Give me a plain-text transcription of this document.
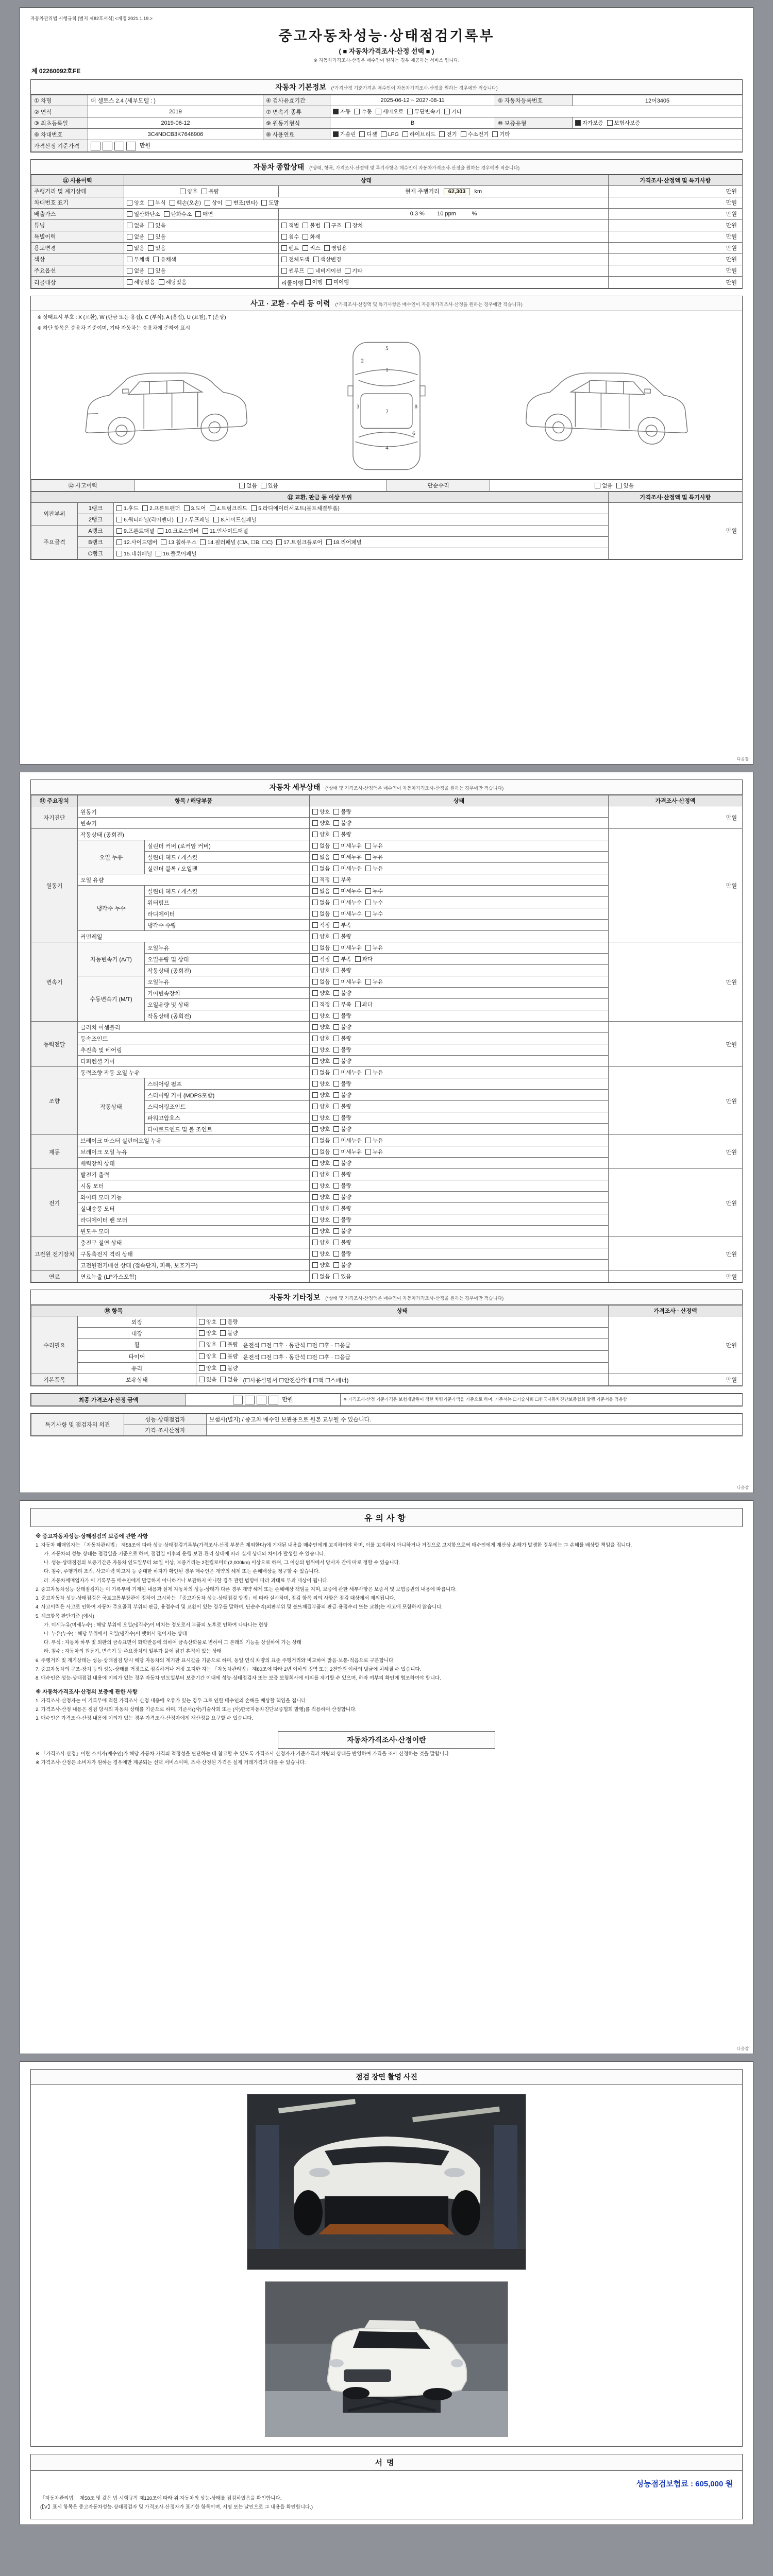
자동차관리법 시행규칙 [별지 제82호서식] <개정 2021.1.19.>
중고자동차성능·상태점검기록부
( ■ 자동차가격조사·산정 선택 ■ )
※ 자동차가격조사·산정은 매수인이 원하는 경우 제공하는 서비스 입니다.
제 02260092호FE
자동차 기본정보 (*가격산정 기준가격은 매수인이 자동차가격조사·산정을 원하는 경우에만 적습니다)
① 차명	더 셀토스 2.4 (세부모델 : )	④ 검사유효기간	2025-06-12 ~ 2027-08-11	⑤ 자동차등록번호	12어3405
② 연식	2019	⑦ 변속기 종류	자동 수동 세미오토 무단변속기 기타		

③ 최초등록일	2019-06-12	⑨ 원동기형식	B	⑩ 보증유형	자가보증 보험사보증

⑥ 차대번호	3C4NDCB3K7646906	⑧ 사용연료	가솔린 디젤 LPG 하이브리드 전기 수소전기 기타

가격산정 기준가격	만원				
자동차 종합상태 (*상태, 항목, 가격조사·산정액 및 특기사항은 매수인이 자동차가격조사·산정을 원하는 경우에만 적습니다)
⑪ 사용이력	상태		가격조사·산정액 및 특기사항
주행거리 및 계기상태	양호 불량	현재 주행거리 62,303 km	만원
차대번호 표기	양호 부식 훼손(오손) 상이 변조(변타) 도말	만원
배출가스	일산화탄소 탄화수소 매연	0.3 %        10 ppm          %	만원
튜닝	없음 있음	적법 불법 구조 장치	만원
특별이력	없음 있음	침수 화재	만원
용도변경	없음 있음	렌트 리스 영업용	만원
색상	무채색 유채색	전체도색 색상변경	만원
주요옵션	없음 있음	썬루프 네비게이션 기타	만원
리콜대상	해당없음 해당있음	리콜이행 이행 미이행	만원
사고 · 교환 · 수리 등 이력 (*가격조사·산정액 및 특기사항은 매수인이 자동차가격조사·산정을 원하는 경우에만 적습니다)
※ 상태표시 부호 : X (교환), W (판금 또는 용접), C (부식), A (흠집), U (요철), T (손상)
※ 하단 항목은 승용차 기준이며, 기타 자동차는 승용차에 준하여 표시
5
1
2
3
7
8
6
4
⑫ 사고이력	없음 있음	단순수리	없음 있음
⑬ 교환, 판금 등 이상 부위			가격조사·산정액 및 특기사항
외판부위	1랭크	1.후드 2.프론트펜더 3.도어 4.트렁크리드 5.라디에이터서포트(볼트체결부품)	만원
	2랭크	6.쿼터패널(리어펜더) 7.루프패널 8.사이드실패널	

주요골격	A랭크	9.프론트패널 10.크로스멤버 11.인사이드패널	

	B랭크	12.사이드멤버 13.휠하우스 14.필러패널 (☐A, ☐B, ☐C) 17.트렁크플로어 18.리어패널	

	C랭크	15.대쉬패널 16.플로어패널	
다음장
자동차 세부상태 (*상태 및 가격조사·산정액은 매수인이 자동차가격조사·산정을 원하는 경우에만 적습니다)
⑭ 주요장치	항목 / 해당부품		상태	가격조사·산정액
자기진단	원동기		양호 불량	만원
	변속기		양호 불량	

원동기	작동상태 (공회전)		양호 불량	만원
	오일 누유	실린더 커버 (로커암 커버)	없음 미세누유 누유	

		실린더 헤드 / 개스킷	없음 미세누유 누유	

		실린더 블록 / 오일팬	없음 미세누유 누유	

	오일 유량		적정 부족	

	냉각수 누수	실린더 헤드 / 개스킷	없음 미세누수 누수	

		워터펌프	없음 미세누수 누수	

		라디에이터	없음 미세누수 누수	

		냉각수 수량	적정 부족	

	커먼레일		양호 불량	

변속기	자동변속기 (A/T)	오일누유	없음 미세누유 누유	만원
		오일유량 및 상태	적정 부족 과다	

		작동상태 (공회전)	양호 불량	

	수동변속기 (M/T)	오일누유	없음 미세누유 누유	

		기어변속장치	양호 불량	

		오일유량 및 상태	적정 부족 과다	

		작동상태 (공회전)	양호 불량	

동력전달	클러치 어셈블리		양호 불량	만원
	등속조인트		양호 불량	

	추진축 및 베어링		양호 불량	

	디퍼렌셜 기어		양호 불량	

조향	동력조향 작동 오일 누유		없음 미세누유 누유	만원
	작동상태	스티어링 펌프	양호 불량	

		스티어링 기어 (MDPS포함)	양호 불량	

		스티어링조인트	양호 불량	

		파워고압호스	양호 불량	

		타이로드엔드 및 볼 조인트	양호 불량	

제동	브레이크 마스터 실린더오일 누유		없음 미세누유 누유	만원
	브레이크 오일 누유		없음 미세누유 누유	

	배력장치 상태		양호 불량	

전기	발전기 출력		양호 불량	만원
	시동 모터		양호 불량	

	와이퍼 모터 기능		양호 불량	

	실내송풍 모터		양호 불량	

	라디에이터 팬 모터		양호 불량	

	윈도우 모터		양호 불량	

고전원 전기장치	충전구 절연 상태		양호 불량	만원
	구동축전지 격리 상태		양호 불량	

	고전원전기배선 상태 (접속단자, 피복, 보호기구)		양호 불량	

연료	연료누출 (LP가스포함)		없음 있음	만원
자동차 기타정보 (*상태 및 가격조사·산정액은 매수인이 자동차가격조사·산정을 원하는 경우에만 적습니다)
⑮ 항목		상태	가격조사 · 산정액
수리필요	외장	양호 불량	만원
	내장	양호 불량	

	휠	양호 불량 운전석 ☐전 ☐후 · 동반석 ☐전 ☐후 · ☐응급	
	타이어	양호 불량 운전석 ☐전 ☐후 · 동반석 ☐전 ☐후 · ☐응급	
	유리	양호 불량	

기본품목	보유상태	있음 없음 (☐사용설명서 ☐안전삼각대 ☐잭 ☐스패너)	만원
최종 가격조사·산정 금액	만원	※ 가격조사·산정 기준가격은 보험개발원이 정한 차량기준가액을 기준으로 하며, 기준서는 ☐기술사회 ☐한국자동차진단보증협회 발행 기준서를 적용함
특기사항 및 점검자의 의견	성능·상태점검자	보험사(별지) / 중고차 매수인 보관용으로 원본 교부될 수 있습니다.
	가격·조사산정자	
다음장
유의사항
※ 중고자동차성능·상태점검의 보증에 관한 사항
1. 자동차 매매업자는 「자동차관리법」 제58조에 따라 성능·상태점검기록부(가격조사·산정 부분은 제외한다)에 기재된 내용을 매수인에게 고지하여야 하며, 이를 고지하지 아니하거나 거짓으로 고지함으로써 매수인에게 재산상 손해가 발생한 경우에는 그 손해를 배상할 책임을 집니다.
가. 자동차의 성능·상태는 점검일을 기준으로 하며, 점검일 이후의 운행·보관·관리 상태에 따라 실제 상태와 차이가 발생할 수 있습니다.
나. 성능·상태점검의 보증기간은 자동차 인도일부터 30일 이상, 보증거리는 2천킬로미터(2,000km) 이상으로 하며, 그 이상의 범위에서 당사자 간에 따로 정할 수 있습니다.
다. 침수, 주행거리 조작, 사고이력 미고지 등 중대한 하자가 확인된 경우 매수인은 계약의 해제 또는 손해배상을 청구할 수 있습니다.
라. 자동차매매업자가 이 기록부를 매수인에게 발급하지 아니하거나 보관하지 아니한 경우 관련 법령에 따라 과태료 부과 대상이 됩니다.
2. 중고자동차성능·상태점검자는 이 기록부에 기재된 내용과 실제 자동차의 성능·상태가 다른 경우 계약 해제 또는 손해배상 책임을 지며, 보증에 관한 세부사항은 보증서 및 보험증권의 내용에 따릅니다.
3. 중고자동차 성능·상태점검은 국토교통부장관이 정하여 고시하는 「중고자동차 성능·상태점검 방법」에 따라 실시하며, 점검 항목 외의 사항은 점검 대상에서 제외됩니다.
4. 사고이력은 사고로 인하여 자동차 주요골격 부위의 판금, 용접수리 및 교환이 있는 경우를 말하며, 단순수리(외판부위 및 볼트체결부품의 판금·용접수리 또는 교환)는 사고에 포함하지 않습니다.
5. 체크항목 판단기준 (예시)
가. 미세누유(미세누수) : 해당 부위에 오일(냉각수)이 비치는 정도로서 부품의 노후로 인하여 나타나는 현상
나. 누유(누수) : 해당 부위에서 오일(냉각수)이 맺혀서 떨어지는 상태
다. 부식 : 자동차 하부 및 외판의 금속표면이 화학반응에 의하여 금속산화물로 변하여 그 본래의 기능을 상실하여 가는 상태
라. 침수 : 자동차의 원동기, 변속기 등 주요장치의 일부가 물에 잠긴 흔적이 있는 상태
6. 주행거리 및 계기상태는 성능·상태점검 당시 해당 자동차의 계기판 표시값을 기준으로 하며, 동일 연식 차량의 표준 주행거리와 비교하여 많음·보통·적음으로 구분합니다.
7. 중고자동차의 구조·장치 등의 성능·상태를 거짓으로 점검하거나 거짓 고지한 자는 「자동차관리법」 제80조에 따라 2년 이하의 징역 또는 2천만원 이하의 벌금에 처해질 수 있습니다.
8. 매수인은 성능·상태점검 내용에 이의가 있는 경우 자동차 인도일부터 보증기간 이내에 성능·상태점검자 또는 보증 보험회사에 이의를 제기할 수 있으며, 하자 여부의 확인에 협조하여야 합니다.
※ 자동차가격조사·산정의 보증에 관한 사항
1. 가격조사·산정자는 이 기록부에 적힌 가격조사·산정 내용에 오류가 있는 경우 그로 인한 매수인의 손해를 배상할 책임을 집니다.
2. 가격조사·산정 내용은 점검 당시의 자동차 상태를 기준으로 하며, 기준서((사)기술사회 또는 (사)한국자동차진단보증협회 발행)를 적용하여 산정합니다.
3. 매수인은 가격조사·산정 내용에 이의가 있는 경우 가격조사·산정자에게 재산정을 요구할 수 있습니다.
자동차가격조사·산정이란
※ 「가격조사·산정」이란 소비자(매수인)가 해당 자동차 가격의 적정성을 판단하는 데 참고할 수 있도록 가격조사·산정자가 기준가격과 차량의 상태를 반영하여 가격을 조사·산정하는 것을 말합니다.
※ 가격조사·산정은 소비자가 원하는 경우에만 제공되는 선택 서비스이며, 조사·산정된 가격은 실제 거래가격과 다를 수 있습니다.
다음장
점검 장면 촬영 사진
서명
성능점검보험료 : 605,000 원
「자동차관리법」 제58조 및 같은 법 시행규칙 제120조에 따라 위 자동차의 성능·상태를 점검하였음을 확인합니다.
(【V】표시 항목은 중고자동차성능·상태점검자 및 가격조사·산정자가 표기한 항목이며, 서명 또는 날인으로 그 내용을 확인합니다.)
